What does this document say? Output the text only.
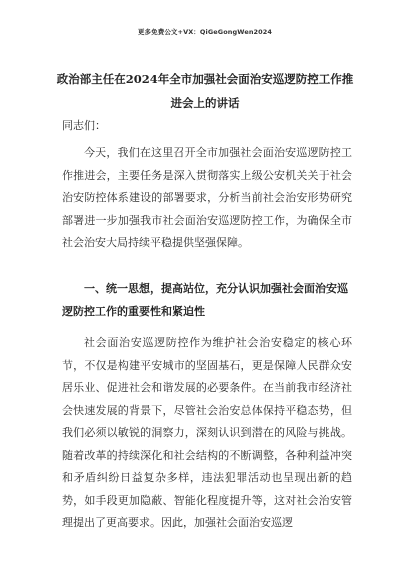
更多免费公文+VX：QiGeGongWen2024
政治部主任在2024年全市加强社会面治安巡逻防控工作推进会上的讲话
同志们：

今天，我们在这里召开全市加强社会面治安巡逻防控工作推进会，主要任务是深入贯彻落实上级公安机关关于社会治安防控体系建设的部署要求，分析当前社会治安形势研究部署进一步加强我市社会面治安巡逻防控工作，为确保全市社会治安大局持续平稳提供坚强保障。

一、统一思想，提高站位，充分认识加强社会面治安巡逻防控工作的重要性和紧迫性

社会面治安巡逻防控作为维护社会治安稳定的核心环节，不仅是构建平安城市的坚固基石，更是保障人民群众安居乐业、促进社会和谐发展的必要条件。在当前我市经济社会快速发展的背景下，尽管社会治安总体保持平稳态势，但我们必须以敏锐的洞察力，深刻认识到潜在的风险与挑战。随着改革的持续深化和社会结构的不断调整，各种利益冲突和矛盾纠纷日益复杂多样，违法犯罪活动也呈现出新的趋势，如手段更加隐蔽、智能化程度提升等，这对社会治安管理提出了更高要求。因此，加强社会面治安巡逻
